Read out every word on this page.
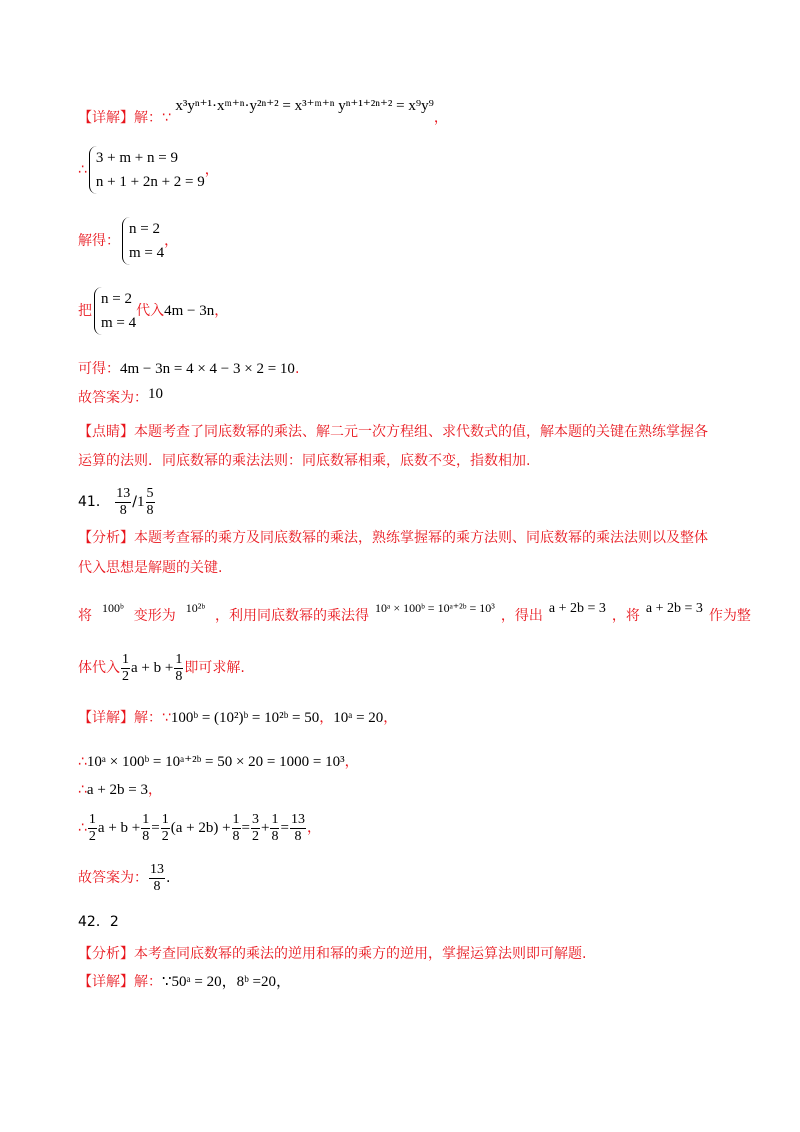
【详解】解：∵ x³yⁿ⁺¹·xᵐ⁺ⁿ·y²ⁿ⁺² = x³⁺ᵐ⁺ⁿ yⁿ⁺¹⁺²ⁿ⁺² = x⁹y⁹，
∴
3 + m + n = 9
n + 1 + 2n + 2 = 9
，
解得：
n = 2
m = 4
，
把
n = 2
m = 4
代入4m − 3n，
可得：4m − 3n = 4 × 4 − 3 × 2 = 10.
故答案为：10
【点睛】本题考查了同底数幂的乘法、解二元一次方程组、求代数式的值，解本题的关键在熟练掌握各
运算的法则．同底数幂的乘法法则：同底数幂相乘，底数不变，指数相加.
41． $\frac{13}{8} /1 \frac{5}{8}$
【分析】本题考查幂的乘方及同底数幂的乘法，熟练掌握幂的乘方法则、同底数幂的乘法法则以及整体
代入思想是解题的关键.
将 100ᵇ 变形为 10²ᵇ ，利用同底数幂的乘法得 10ᵃ × 100ᵇ = 10ᵃ⁺²ᵇ = 10³ ，得出 a + 2b = 3 ，将 a + 2b = 3 作为整
体代入 $\frac{1}{2}$ $a + b + \frac{1}{8}$ 即可求解.
【详解】解：∵100ᵇ = (10²)ᵇ = 10²ᵇ = 50，10ᵃ = 20，
∴10ᵃ × 100ᵇ = 10ᵃ⁺²ᵇ = 50 × 20 = 1000 = 10³，
∴a + 2b = 3，
∴ $\frac{1}{2}$ $a + b + \frac{1}{8} = \frac{1}{2} (a + 2b) + \frac{1}{8} = \frac{3}{2} + \frac{1}{8} = \frac{13}{8}$ ，
故答案为： $\frac{13}{8}$ .
42．2
【分析】本考查同底数幂的乘法的逆用和幂的乘方的逆用，掌握运算法则即可解题.
【详解】解：∵50ᵃ = 20，8ᵇ =20，
